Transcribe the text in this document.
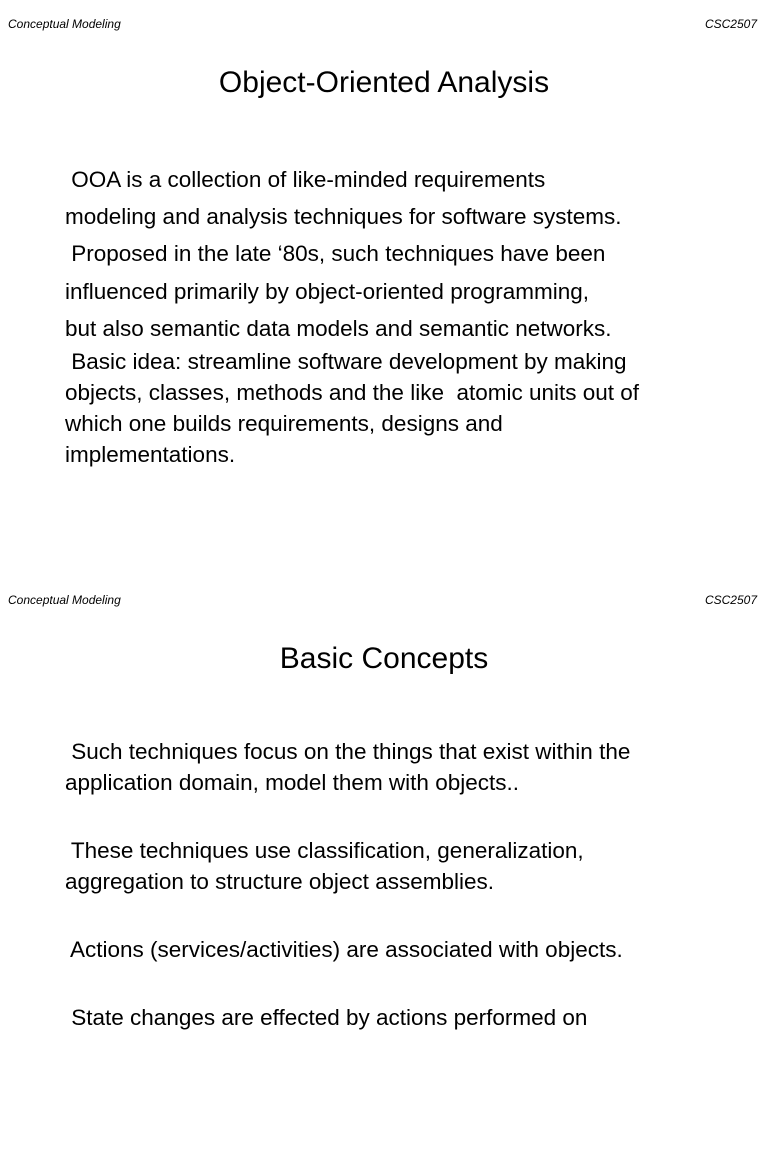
Conceptual Modeling	CSC2507
Object-Oriented Analysis

OOA is a collection of like-minded requirements
modeling and analysis techniques for software systems.

Proposed in the late ‘80s, such techniques have been
influenced primarily by object-oriented programming,
but also semantic data models and semantic networks.

Basic idea: streamline software development by making
objects, classes, methods and the like  atomic units out of
which one builds requirements, designs and
implementations.

Conceptual Modeling	CSC2507
Basic Concepts

Such techniques focus on the things that exist within the
application domain, model them with objects..

These techniques use classification, generalization,
aggregation to structure object assemblies.

Actions (services/activities) are associated with objects.

State changes are effected by actions performed on
